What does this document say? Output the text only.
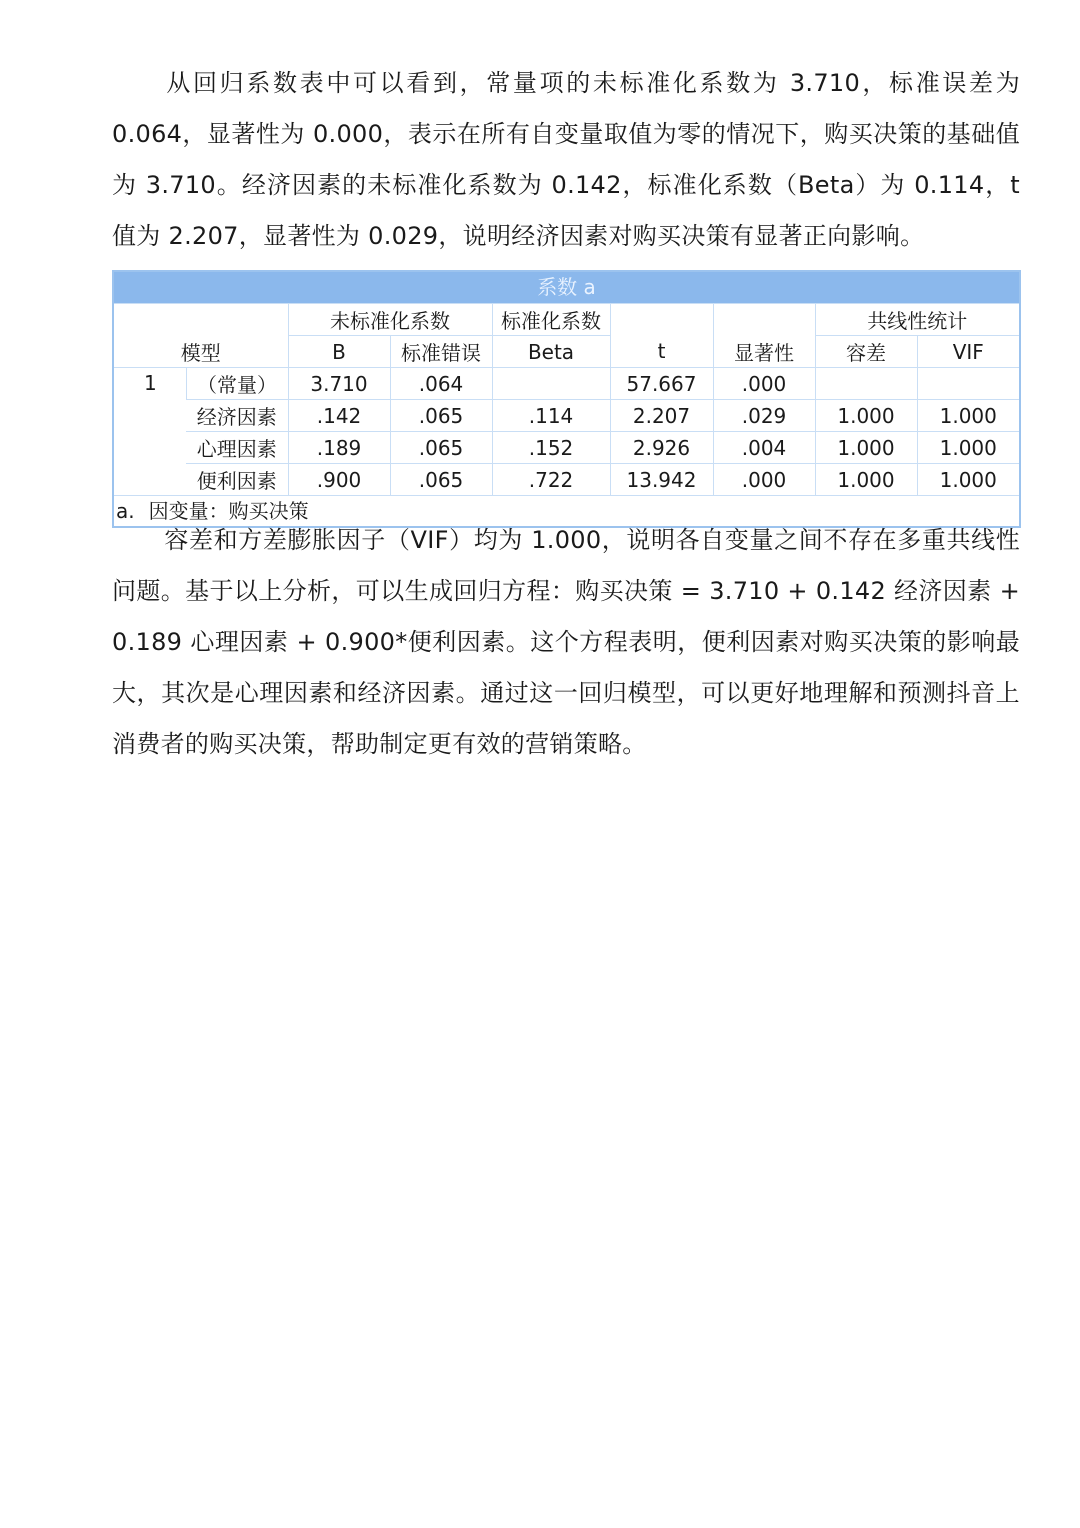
从回归系数表中可以看到，常量项的未标准化系数为 3.710，标准误差为 0.064，显著性为 0.000，表示在所有自变量取值为零的情况下，购买决策的基础值为 3.710。经济因素的未标准化系数为 0.142，标准化系数（Beta）为 0.114，t 值为 2.207，显著性为 0.029，说明经济因素对购买决策有显著正向影响。

系数 a
		未标准化系数		标准化系数			共线性统计	
模型		B	标准错误	Beta	t	显著性	容差	VIF
1	（常量）	3.710	.064		57.667	.000		
	经济因素	.142	.065	.114	2.207	.029	1.000	1.000
	心理因素	.189	.065	.152	2.926	.004	1.000	1.000
	便利因素	.900	.065	.722	13.942	.000	1.000	1.000
a. 因变量：购买决策

容差和方差膨胀因子（VIF）均为 1.000，说明各自变量之间不存在多重共线性问题。基于以上分析，可以生成回归方程：购买决策 = 3.710 + 0.142 经济因素 + 0.189 心理因素 + 0.900*便利因素。这个方程表明，便利因素对购买决策的影响最大，其次是心理因素和经济因素。通过这一回归模型，可以更好地理解和预测抖音上消费者的购买决策，帮助制定更有效的营销策略。
